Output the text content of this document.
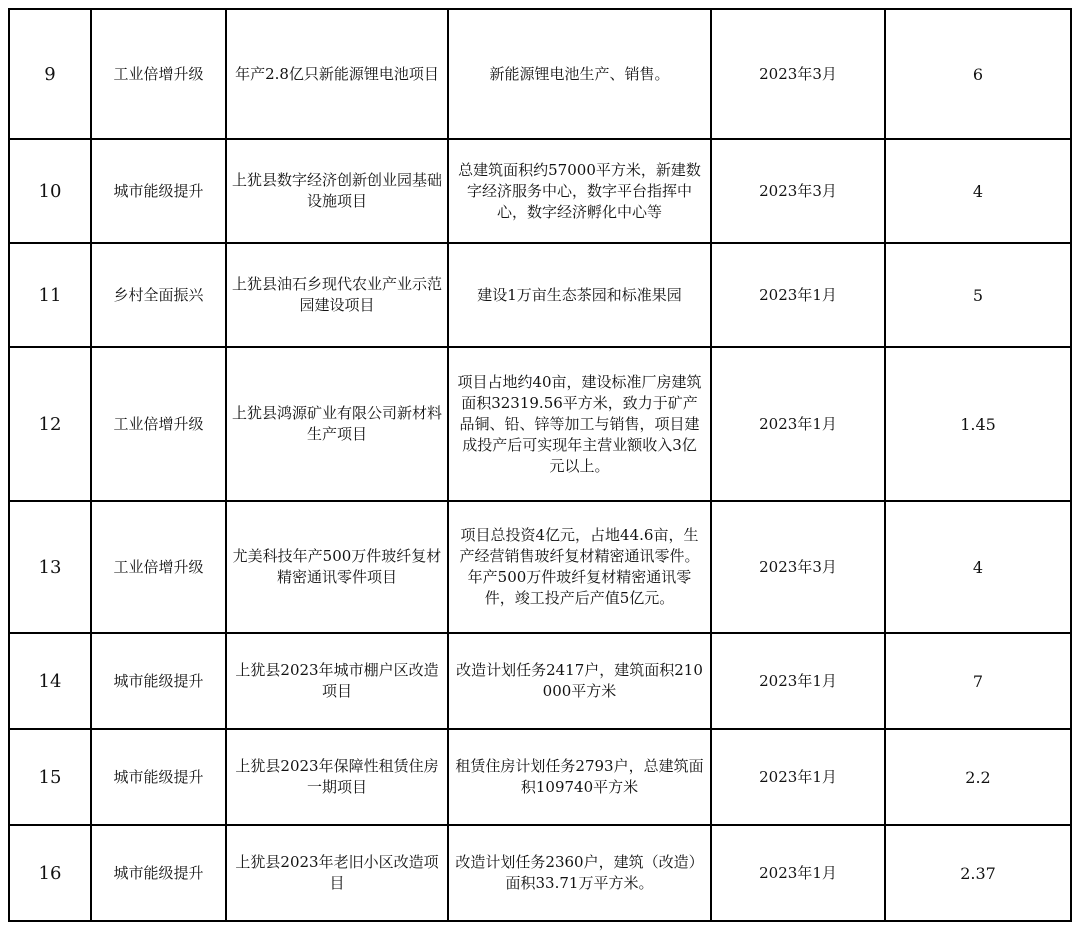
9	工业倍增升级	年产2.8亿只新能源锂电池项目	新能源锂电池生产、销售。	2023年3月	6
10	城市能级提升	上犹县数字经济创新创业园基础设施项目	总建筑面积约57000平方米，新建数字经济服务中心，数字平台指挥中心，数字经济孵化中心等	2023年3月	4
11	乡村全面振兴	上犹县油石乡现代农业产业示范园建设项目	建设1万亩生态茶园和标准果园	2023年1月	5
12	工业倍增升级	上犹县鸿源矿业有限公司新材料生产项目	项目占地约40亩，建设标准厂房建筑面积32319.56平方米，致力于矿产品铜、铅、锌等加工与销售，项目建成投产后可实现年主营业额收入3亿元以上。	2023年1月	1.45
13	工业倍增升级	尤美科技年产500万件玻纤复材精密通讯零件项目	项目总投资4亿元，占地44.6亩，生产经营销售玻纤复材精密通讯零件。年产500万件玻纤复材精密通讯零件，竣工投产后产值5亿元。	2023年3月	4
14	城市能级提升	上犹县2023年城市棚户区改造项目	改造计划任务2417户，建筑面积210000平方米	2023年1月	7
15	城市能级提升	上犹县2023年保障性租赁住房一期项目	租赁住房计划任务2793户，总建筑面积109740平方米	2023年1月	2.2
16	城市能级提升	上犹县2023年老旧小区改造项目	改造计划任务2360户，建筑（改造）面积33.71万平方米。	2023年1月	2.37
